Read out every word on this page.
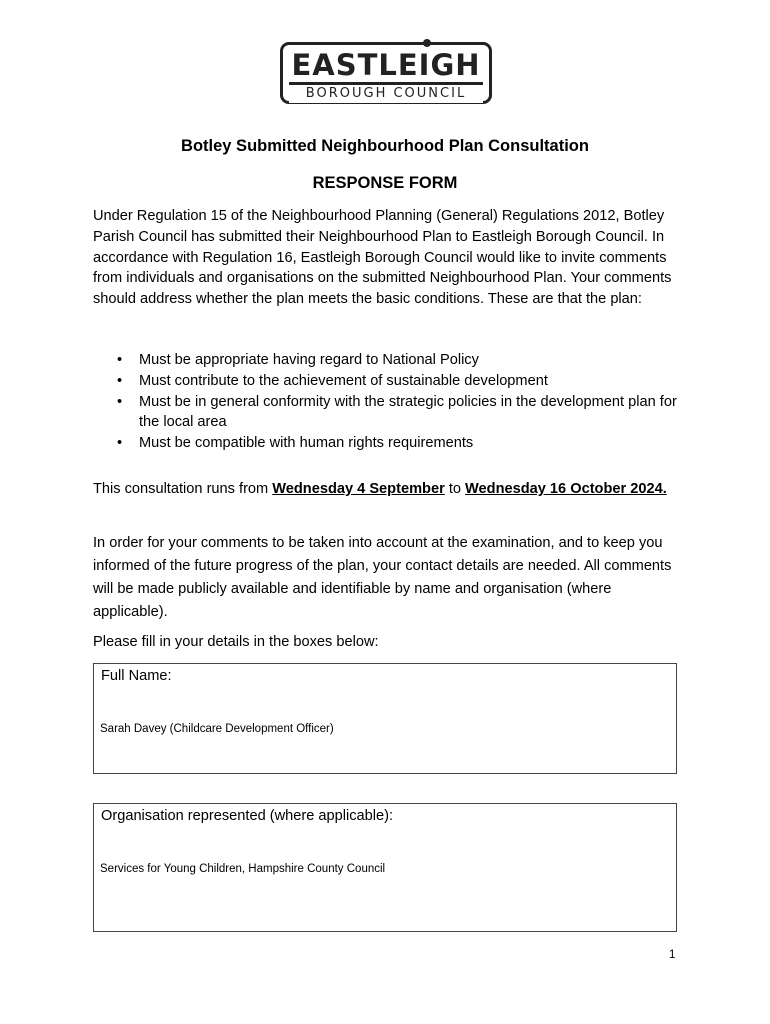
EASTLEIGH
BOROUGH COUNCIL
Botley Submitted Neighbourhood Plan Consultation
RESPONSE FORM
Under Regulation 15 of the Neighbourhood Planning (General) Regulations 2012, Botley Parish Council has submitted their Neighbourhood Plan to Eastleigh Borough Council. In accordance with Regulation 16, Eastleigh Borough Council would like to invite comments from individuals and organisations on the submitted Neighbourhood Plan. Your comments should address whether the plan meets the basic conditions. These are that the plan:
• Must be appropriate having regard to National Policy
• Must contribute to the achievement of sustainable development
• Must be in general conformity with the strategic policies in the development plan for the local area
• Must be compatible with human rights requirements
This consultation runs from Wednesday 4 September to Wednesday 16 October 2024.
In order for your comments to be taken into account at the examination, and to keep you informed of the future progress of the plan, your contact details are needed. All comments will be made publicly available and identifiable by name and organisation (where applicable).
Please fill in your details in the boxes below:
Full Name:
Sarah Davey (Childcare Development Officer)
Organisation represented (where applicable):
Services for Young Children, Hampshire County Council
1
